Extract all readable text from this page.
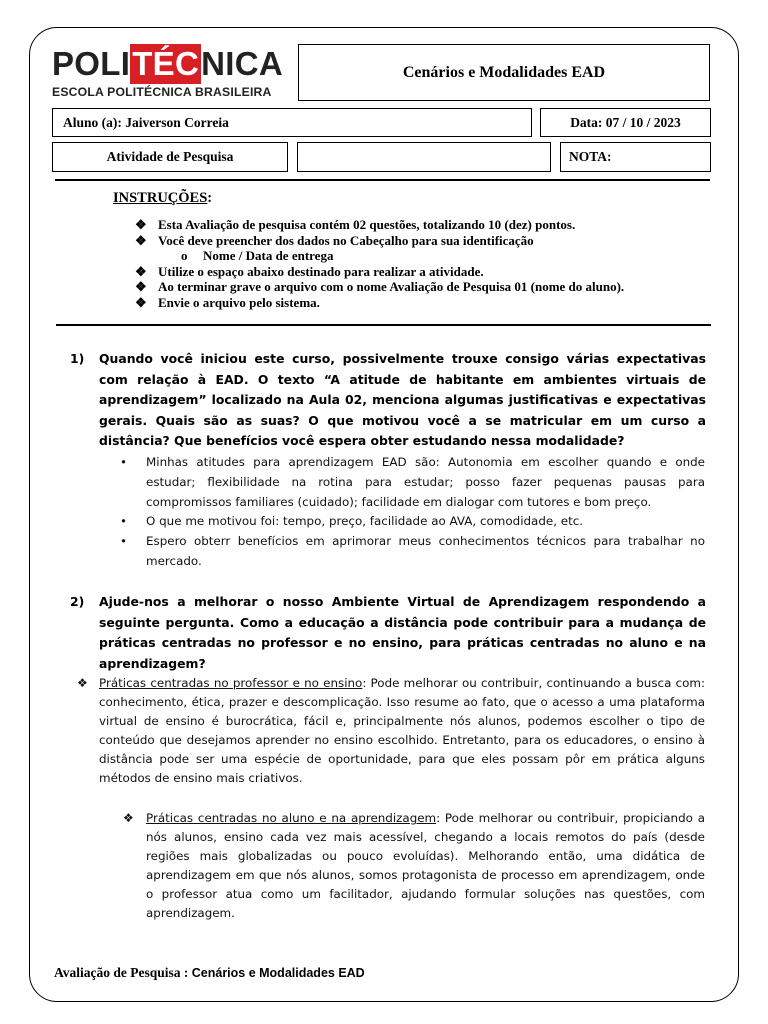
POLI TÉC NICA
ESCOLA POLITÉCNICA BRASILEIRA
Cenários e Modalidades EAD
Aluno (a): Jaiverson Correia	Data: 07 / 10 / 2023
Atividade de Pesquisa	NOTA:
INSTRUÇÕES:
❖ Esta Avaliação de pesquisa contém 02 questões, totalizando 10 (dez) pontos.
❖ Você deve preencher dos dados no Cabeçalho para sua identificação
o Nome / Data de entrega
❖ Utilize o espaço abaixo destinado para realizar a atividade.
❖ Ao terminar grave o arquivo com o nome Avaliação de Pesquisa 01 (nome do aluno).
❖ Envie o arquivo pelo sistema.
1) Quando você iniciou este curso, possivelmente trouxe consigo várias expectativas com relação à EAD. O texto “A atitude de habitante em ambientes virtuais de aprendizagem” localizado na Aula 02, menciona algumas justificativas e expectativas gerais. Quais são as suas? O que motivou você a se matricular em um curso a distância? Que benefícios você espera obter estudando nessa modalidade?
• Minhas atitudes para aprendizagem EAD são: Autonomia em escolher quando e onde estudar; flexibilidade na rotina para estudar; posso fazer pequenas pausas para compromissos familiares (cuidado); facilidade em dialogar com tutores e bom preço.
• O que me motivou foi: tempo, preço, facilidade ao AVA, comodidade, etc.
• Espero obterr benefícios em aprimorar meus conhecimentos técnicos para trabalhar no mercado.
2) Ajude-nos a melhorar o nosso Ambiente Virtual de Aprendizagem respondendo a seguinte pergunta. Como a educação a distância pode contribuir para a mudança de práticas centradas no professor e no ensino, para práticas centradas no aluno e na aprendizagem?
❖ Práticas centradas no professor e no ensino: Pode melhorar ou contribuir, continuando a busca com: conhecimento, ética, prazer e descomplicação. Isso resume ao fato, que o acesso a uma plataforma virtual de ensino é burocrática, fácil e, principalmente nós alunos, podemos escolher o tipo de conteúdo que desejamos aprender no ensino escolhido. Entretanto, para os educadores, o ensino à distância pode ser uma espécie de oportunidade, para que eles possam pôr em prática alguns métodos de ensino mais criativos.
❖ Práticas centradas no aluno e na aprendizagem: Pode melhorar ou contribuir, propiciando a nós alunos, ensino cada vez mais acessível, chegando a locais remotos do país (desde regiões mais globalizadas ou pouco evoluídas). Melhorando então, uma didática de aprendizagem em que nós alunos, somos protagonista de processo em aprendizagem, onde o professor atua como um facilitador, ajudando formular soluções nas questões, com aprendizagem.
Avaliação de Pesquisa : Cenários e Modalidades EAD
